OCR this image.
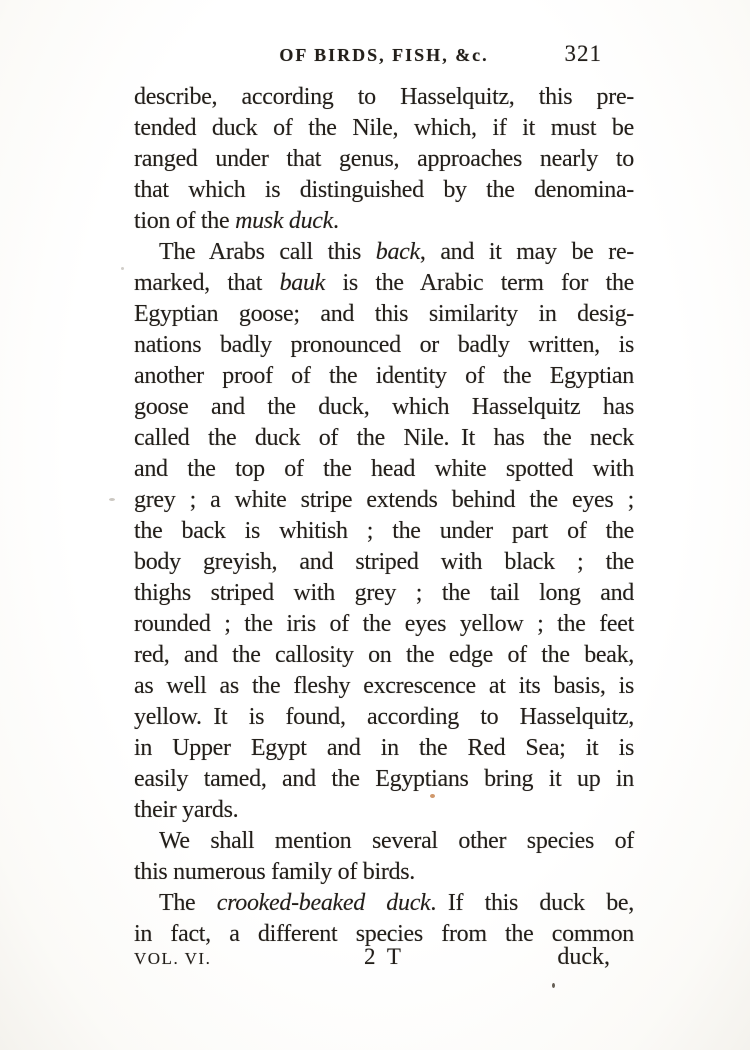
OF BIRDS, FISH, &c.	321
describe, according to Hasselquitz, this pre-
tended duck of the Nile, which, if it must be
ranged under that genus, approaches nearly to
that which is distinguished by the denomina-
tion of the musk duck.
The Arabs call this back, and it may be re-
marked, that bauk is the Arabic term for the
Egyptian goose; and this similarity in desig-
nations badly pronounced or badly written, is
another proof of the identity of the Egyptian
goose and the duck, which Hasselquitz has
called the duck of the Nile. It has the neck
and the top of the head white spotted with
grey ; a white stripe extends behind the eyes ;
the back is whitish ; the under part of the
body greyish, and striped with black ; the
thighs striped with grey ; the tail long and
rounded ; the iris of the eyes yellow ; the feet
red, and the callosity on the edge of the beak,
as well as the fleshy excrescence at its basis, is
yellow. It is found, according to Hasselquitz,
in Upper Egypt and in the Red Sea; it is
easily tamed, and the Egyptians bring it up in
their yards.
We shall mention several other species of
this numerous family of birds.
The crooked-beaked duck. If this duck be,
in fact, a different species from the common
VOL. VI.	2 T	duck,
